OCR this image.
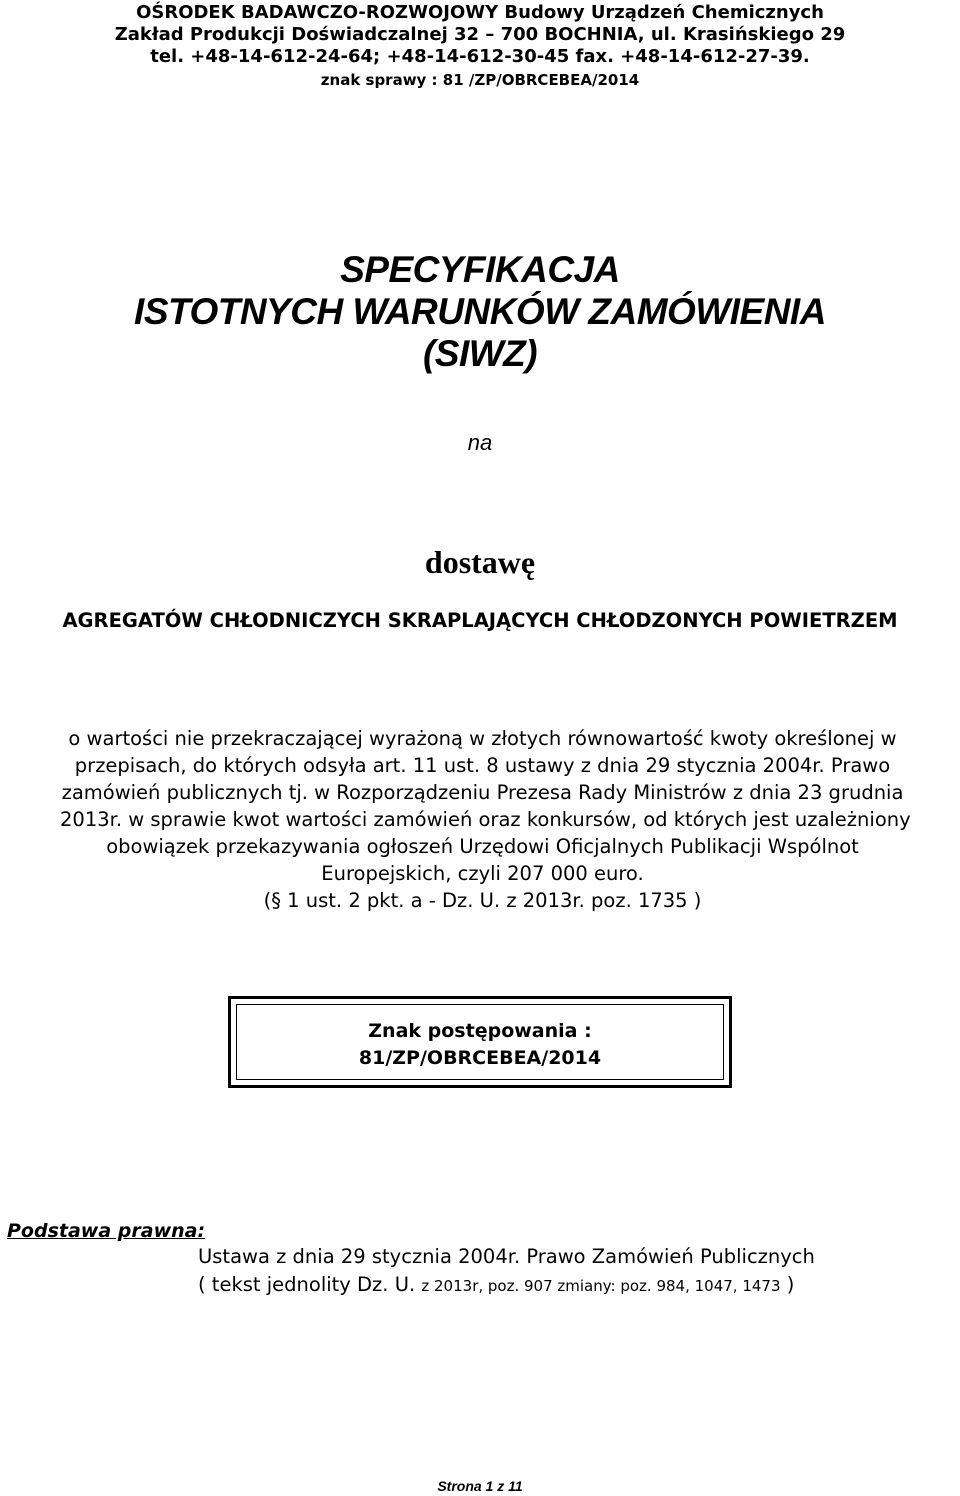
OŚRODEK BADAWCZO-ROZWOJOWY Budowy Urządzeń Chemicznych
Zakład Produkcji Doświadczalnej 32 – 700 BOCHNIA, ul. Krasińskiego 29
tel. +48-14-612-24-64; +48-14-612-30-45 fax. +48-14-612-27-39.
znak sprawy : 81 /ZP/OBRCEBEA/2014
SPECYFIKACJA
ISTOTNYCH WARUNKÓW ZAMÓWIENIA
(SIWZ)
na
dostawę
AGREGATÓW CHŁODNICZYCH SKRAPLAJĄCYCH CHŁODZONYCH POWIETRZEM
o wartości nie przekraczającej wyrażoną w złotych równowartość kwoty określonej w
przepisach, do których odsyła art. 11 ust. 8 ustawy z dnia 29 stycznia 2004r. Prawo
zamówień publicznych tj. w Rozporządzeniu Prezesa Rady Ministrów z dnia 23 grudnia
2013r. w sprawie kwot wartości zamówień oraz konkursów, od których jest uzależniony
obowiązek przekazywania ogłoszeń Urzędowi Oficjalnych Publikacji Wspólnot
Europejskich, czyli 207 000 euro.
(§ 1 ust. 2 pkt. a - Dz. U. z 2013r. poz. 1735 )
Znak postępowania :
81/ZP/OBRCEBEA/2014
Podstawa prawna:
Ustawa z dnia 29 stycznia 2004r. Prawo Zamówień Publicznych
( tekst jednolity Dz. U. z 2013r, poz. 907 zmiany: poz. 984, 1047, 1473 )
Strona 1 z 11
